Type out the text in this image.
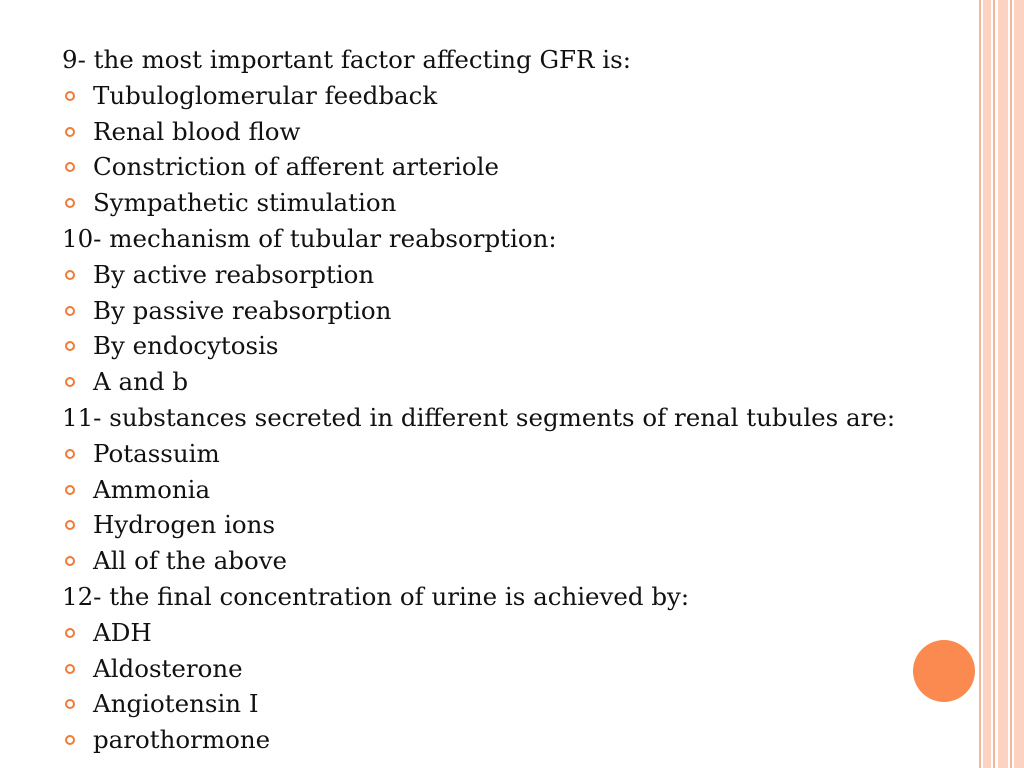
9- the most important factor affecting GFR is:
Tubuloglomerular feedback
Renal blood flow
Constriction of afferent arteriole
Sympathetic stimulation
10- mechanism of tubular reabsorption:
By active reabsorption
By passive reabsorption
By endocytosis
A and b
11- substances secreted in different segments of renal tubules are:
Potassuim
Ammonia
Hydrogen ions
All of the above
12- the final concentration of urine is achieved by:
ADH
Aldosterone
Angiotensin I
parothormone
